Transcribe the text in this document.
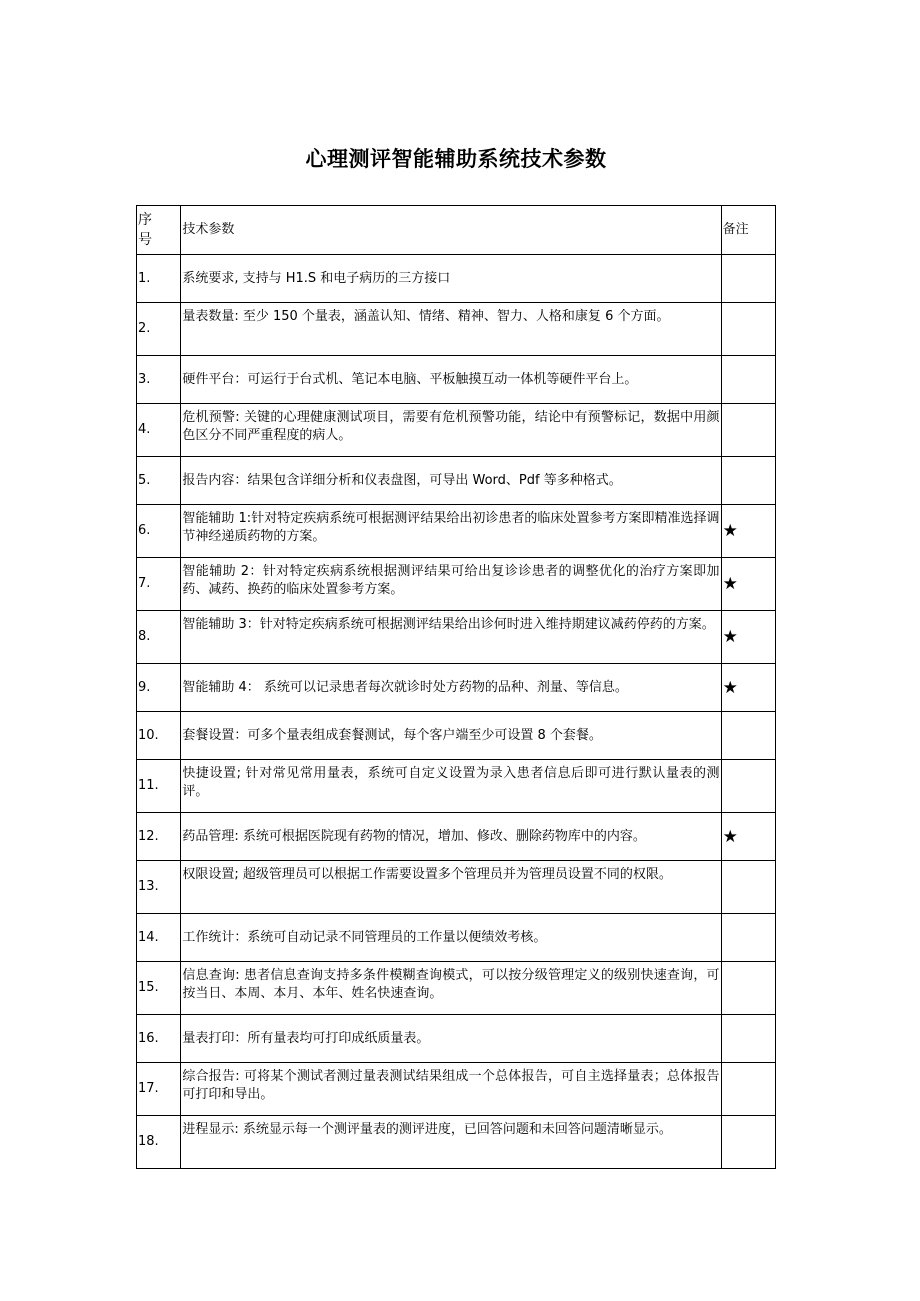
心理测评智能辅助系统技术参数
序号	技术参数	备注
1.	系统要求, 支持与 H1.S 和电子病历的三方接口	
2.	量表数量: 至少 150 个量表，涵盖认知、情绪、精神、智力、人格和康复 6 个方面。	
3.	硬件平台：可运行于台式机、笔记本电脑、平板触摸互动一体机等硬件平台上。	
4.	危机预警: 关键的心理健康测试项目，需要有危机预警功能，结论中有预警标记，数据中用颜色区分不同严重程度的病人。	
5.	报告内容：结果包含详细分析和仪表盘图，可导出 Word、Pdf 等多种格式。	
6.	智能辅助 1:针对特定疾病系统可根据测评结果给出初诊患者的临床处置参考方案即精准选择调节神经递质药物的方案。	★
7.	智能辅助 2：针对特定疾病系统根据测评结果可给出复诊诊患者的调整优化的治疗方案即加药、减药、换药的临床处置参考方案。	★
8.	智能辅助 3：针对特定疾病系统可根据测评结果给出诊何时进入维持期建议减药停药的方案。	★
9.	智能辅助 4： 系统可以记录患者每次就诊时处方药物的品种、剂量、等信息。	★
10.	套餐设置：可多个量表组成套餐测试，每个客户端至少可设置 8 个套餐。	
11.	快捷设置; 针对常见常用量表，系统可自定义设置为录入患者信息后即可进行默认量表的测评。	
12.	药品管理: 系统可根据医院现有药物的情况，增加、修改、删除药物库中的内容。	★
13.	权限设置; 超级管理员可以根据工作需要设置多个管理员并为管理员设置不同的权限。	
14.	工作统计：系统可自动记录不同管理员的工作量以便绩效考核。	
15.	信息查询: 患者信息查询支持多条件模糊查询模式，可以按分级管理定义的级别快速查询，可按当日、本周、本月、本年、姓名快速查询。	
16.	量表打印：所有量表均可打印成纸质量表。	
17.	综合报告: 可将某个测试者测过量表测试结果组成一个总体报告，可自主选择量表；总体报告可打印和导出。	
18.	进程显示: 系统显示每一个测评量表的测评进度，已回答问题和未回答问题清晰显示。	
